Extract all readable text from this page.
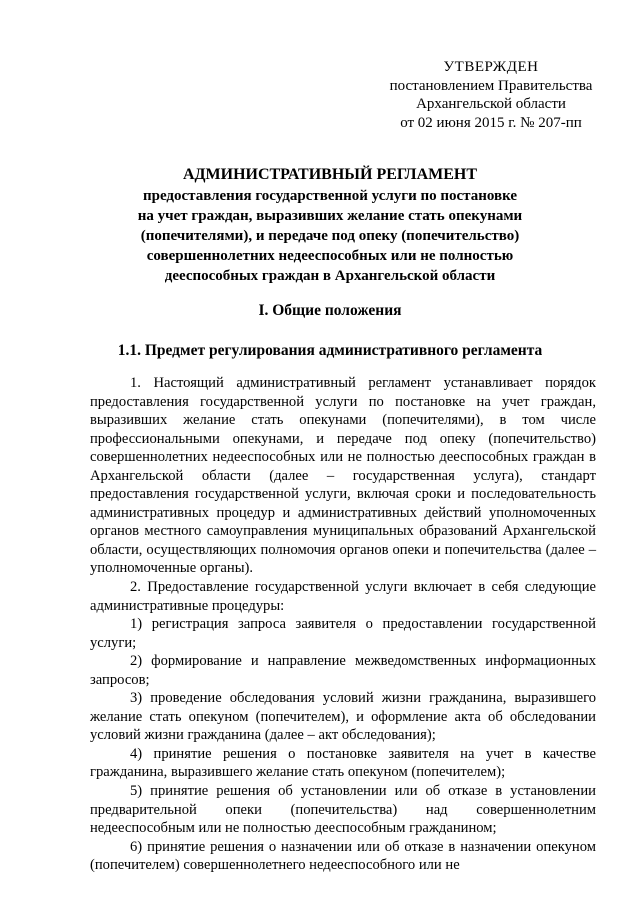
УТВЕРЖДЕН
постановлением Правительства
Архангельской области
от 02 июня 2015 г. № 207-пп
АДМИНИСТРАТИВНЫЙ РЕГЛАМЕНТ
предоставления государственной услуги по постановке
на учет граждан, выразивших желание стать опекунами
(попечителями), и передаче под опеку (попечительство)
совершеннолетних недееспособных или не полностью
дееспособных граждан в Архангельской области
I. Общие положения
1.1. Предмет регулирования административного регламента

1. Настоящий административный регламент устанавливает порядок предоставления государственной услуги по постановке на учет граждан, выразивших желание стать опекунами (попечителями), в том числе профессиональными опекунами, и передаче под опеку (попечительство) совершеннолетних недееспособных или не полностью дееспособных граждан в Архангельской области (далее – государственная услуга), стандарт предоставления государственной услуги, включая сроки и последовательность административных процедур и административных действий уполномоченных органов местного самоуправления муниципальных образований Архангельской области, осуществляющих полномочия органов опеки и попечительства (далее – уполномоченные органы).

2. Предоставление государственной услуги включает в себя следующие административные процедуры:

1) регистрация запроса заявителя о предоставлении государственной услуги;

2) формирование и направление межведомственных информационных запросов;

3) проведение обследования условий жизни гражданина, выразившего желание стать опекуном (попечителем), и оформление акта об обследовании условий жизни гражданина (далее – акт обследования);

4) принятие решения о постановке заявителя на учет в качестве гражданина, выразившего желание стать опекуном (попечителем);

5) принятие решения об установлении или об отказе в установлении предварительной опеки (попечительства) над совершеннолетним недееспособным или не полностью дееспособным гражданином;

6) принятие решения о назначении или об отказе в назначении опекуном (попечителем) совершеннолетнего недееспособного или не
